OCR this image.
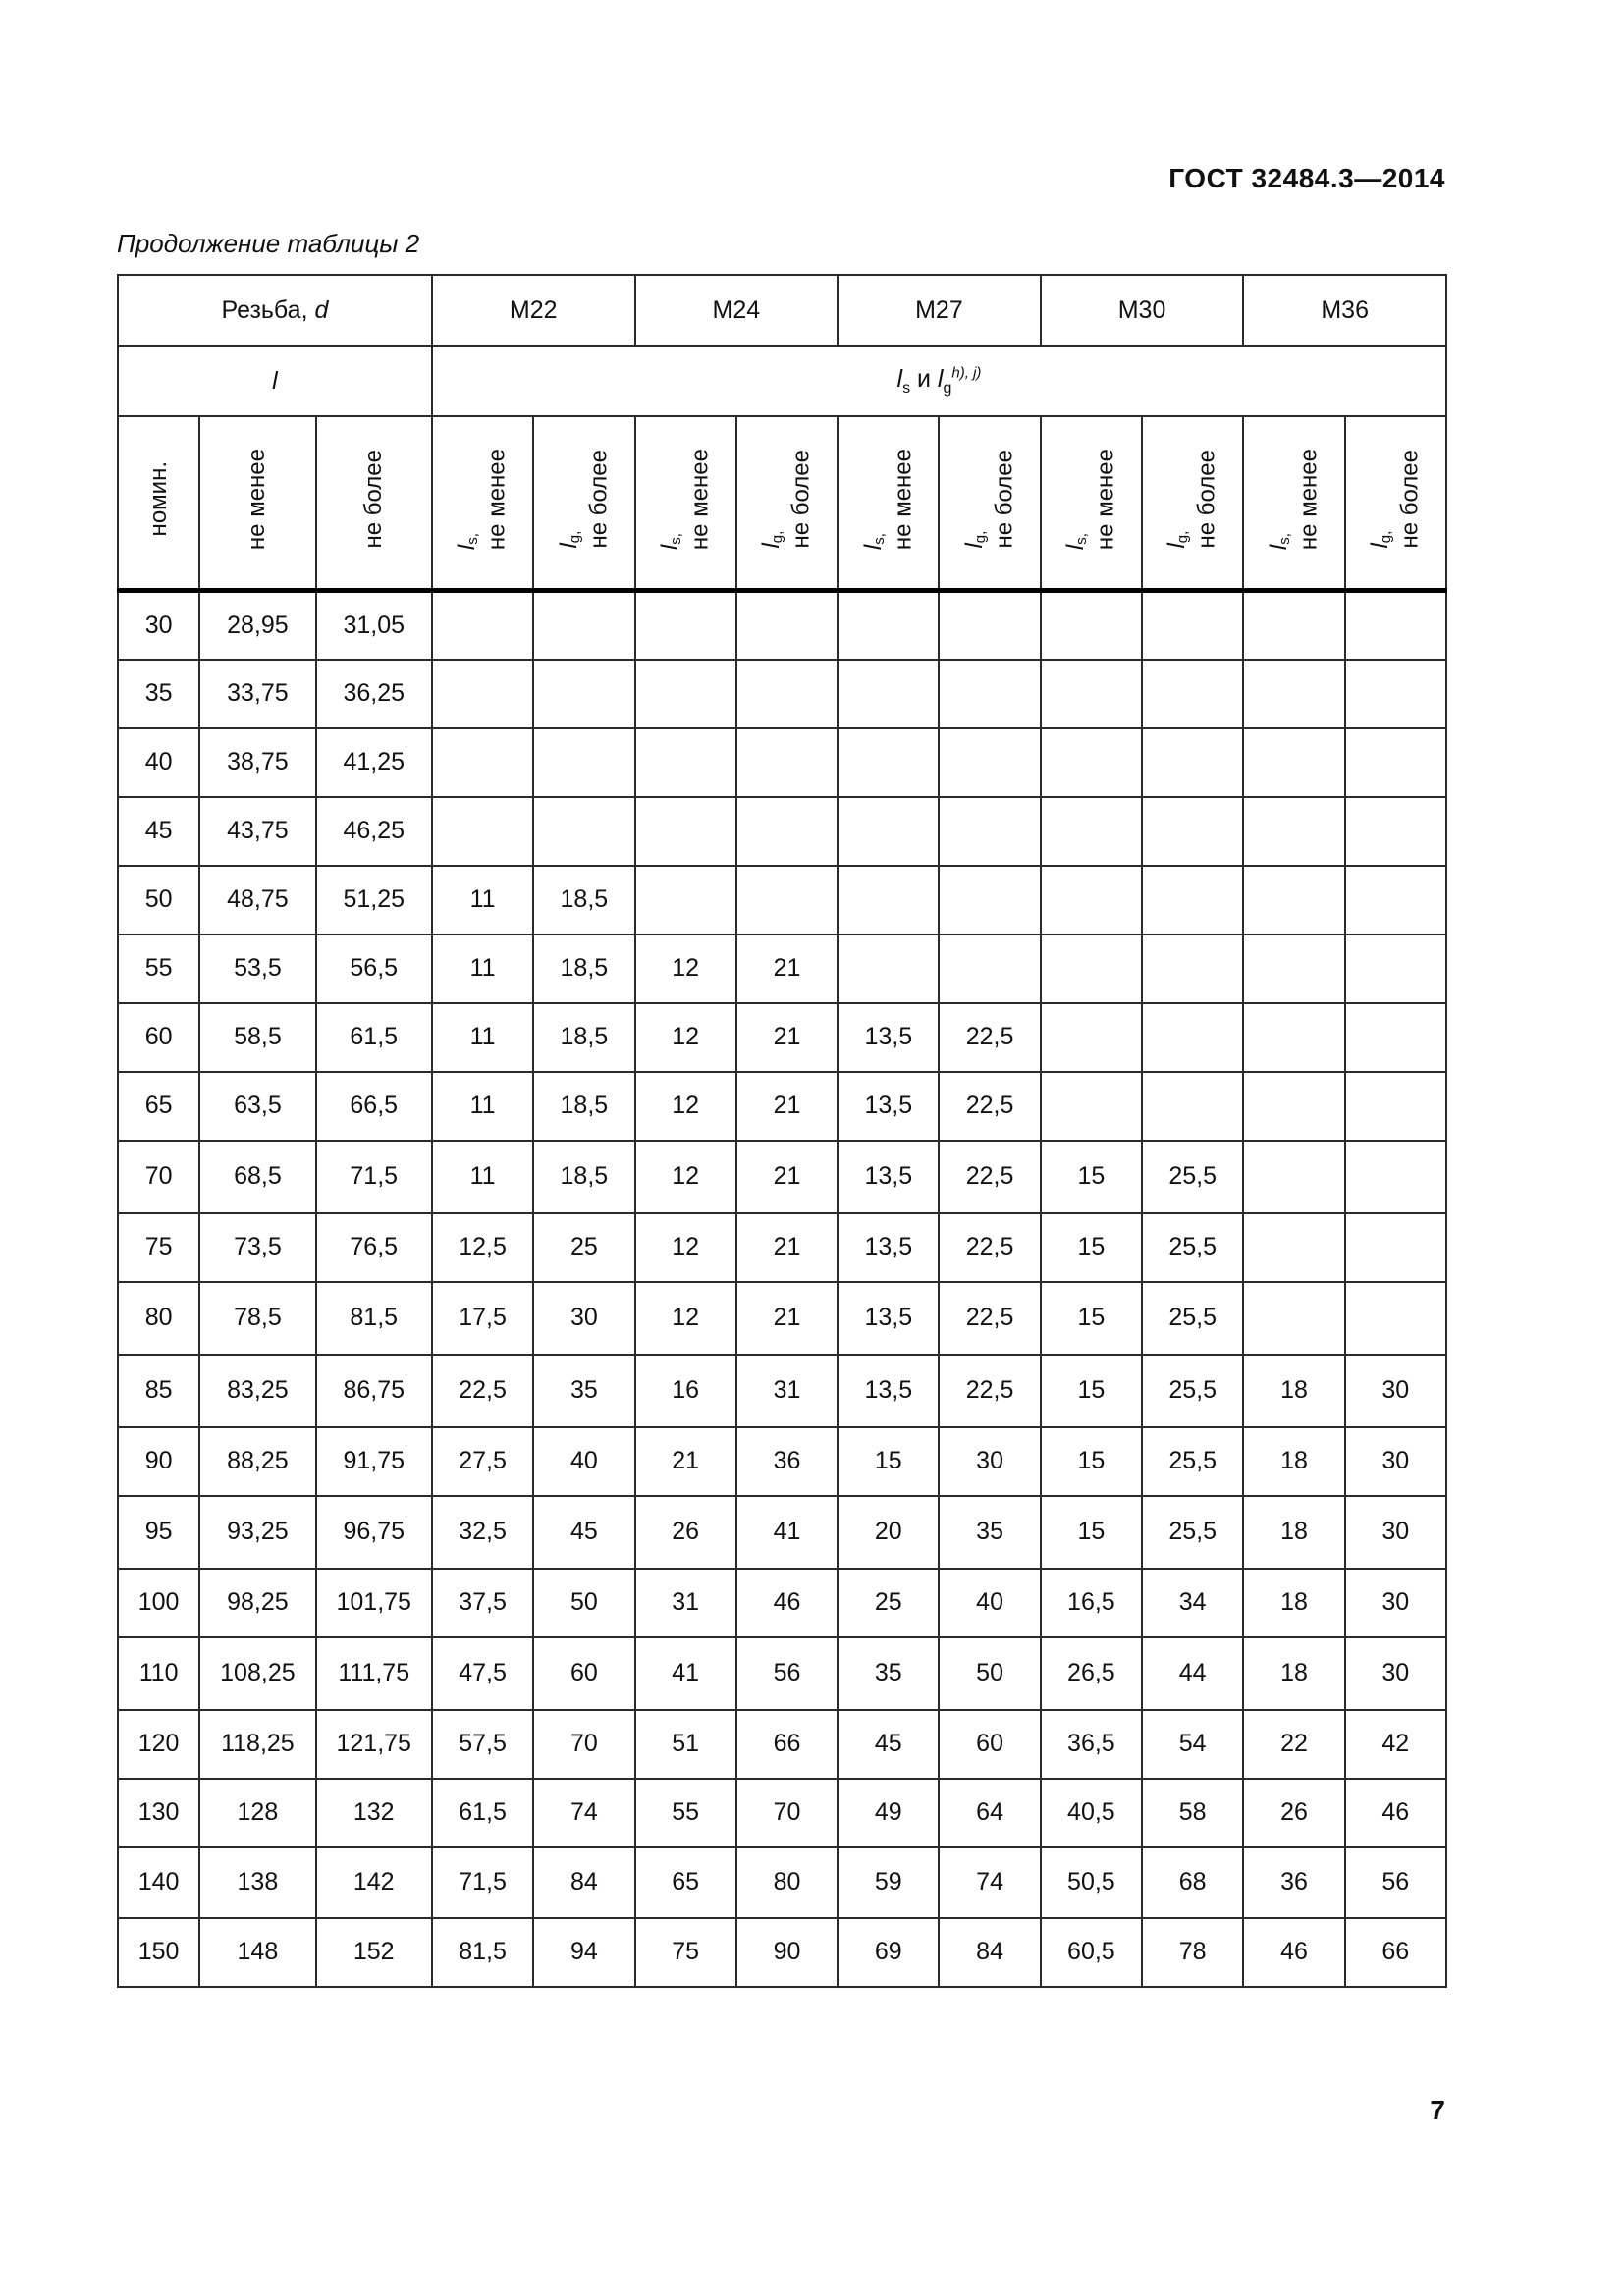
ГОСТ 32484.3—2014
Продолжение таблицы 2
Резьба, d			M22		M24		M27		M30		M36	
l			$l_s$ и $l_g^{h), j)}$
номин.	не менее	не более	$l_{s,}$ не менее	$l_{g,}$ не более	$l_{s,}$ не менее	$l_{g,}$ не более	$l_{s,}$ не менее	$l_{g,}$ не более	$l_{s,}$ не менее	$l_{g,}$ не более	$l_{s,}$ не менее	$l_{g,}$ не более
30	28,95	31,05										
35	33,75	36,25										
40	38,75	41,25										
45	43,75	46,25										
50	48,75	51,25	11	18,5								
55	53,5	56,5	11	18,5	12	21						
60	58,5	61,5	11	18,5	12	21	13,5	22,5				
65	63,5	66,5	11	18,5	12	21	13,5	22,5				
70	68,5	71,5	11	18,5	12	21	13,5	22,5	15	25,5		
75	73,5	76,5	12,5	25	12	21	13,5	22,5	15	25,5		
80	78,5	81,5	17,5	30	12	21	13,5	22,5	15	25,5		
85	83,25	86,75	22,5	35	16	31	13,5	22,5	15	25,5	18	30
90	88,25	91,75	27,5	40	21	36	15	30	15	25,5	18	30
95	93,25	96,75	32,5	45	26	41	20	35	15	25,5	18	30
100	98,25	101,75	37,5	50	31	46	25	40	16,5	34	18	30
110	108,25	111,75	47,5	60	41	56	35	50	26,5	44	18	30
120	118,25	121,75	57,5	70	51	66	45	60	36,5	54	22	42
130	128	132	61,5	74	55	70	49	64	40,5	58	26	46
140	138	142	71,5	84	65	80	59	74	50,5	68	36	56
150	148	152	81,5	94	75	90	69	84	60,5	78	46	66
7
